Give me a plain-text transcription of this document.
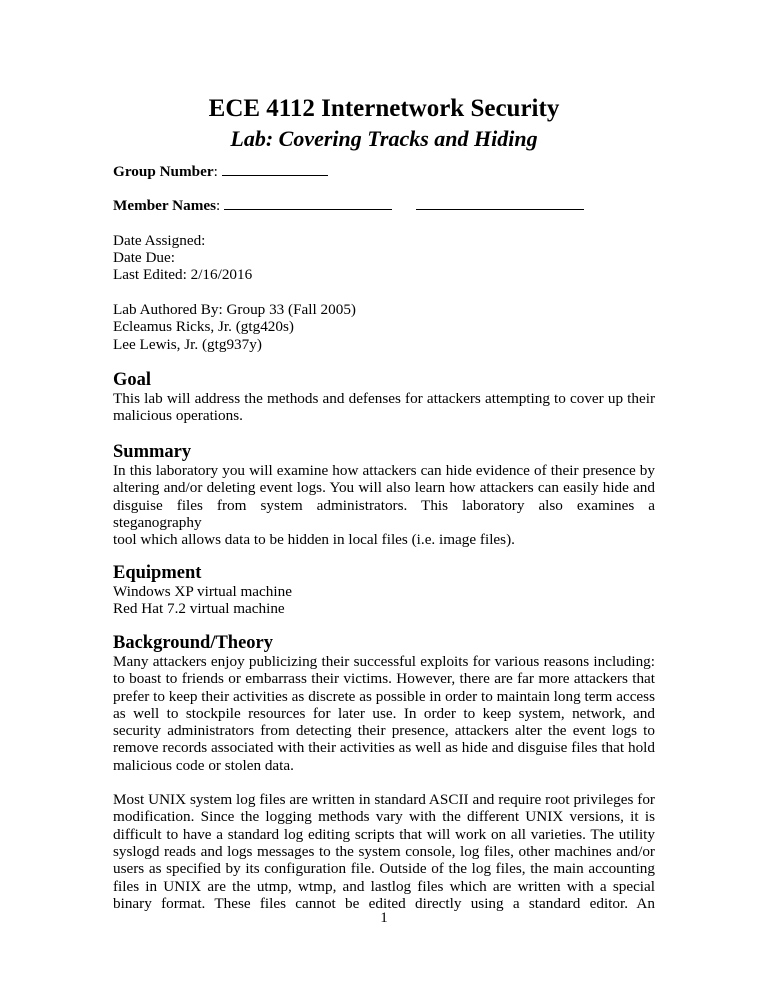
ECE 4112 Internetwork Security
Lab: Covering Tracks and Hiding
Group Number:
Member Names:
Date Assigned:
Date Due:
Last Edited: 2/16/2016
Lab Authored By: Group 33 (Fall 2005)
Ecleamus Ricks, Jr. (gtg420s)
Lee Lewis, Jr. (gtg937y)
Goal
This lab will address the methods and defenses for attackers attempting to cover up their
malicious operations.
Summary
In this laboratory you will examine how attackers can hide evidence of their presence by
altering and/or deleting event logs. You will also learn how attackers can easily hide and
disguise files from system administrators. This laboratory also examines a steganography
tool which allows data to be hidden in local files (i.e. image files).
Equipment
Windows XP virtual machine
Red Hat 7.2 virtual machine
Background/Theory
Many attackers enjoy publicizing their successful exploits for various reasons including:
to boast to friends or embarrass their victims. However, there are far more attackers that
prefer to keep their activities as discrete as possible in order to maintain long term access
as well to stockpile resources for later use. In order to keep system, network, and
security administrators from detecting their presence, attackers alter the event logs to
remove records associated with their activities as well as hide and disguise files that hold
malicious code or stolen data.
Most UNIX system log files are written in standard ASCII and require root privileges for
modification. Since the logging methods vary with the different UNIX versions, it is
difficult to have a standard log editing scripts that will work on all varieties. The utility
syslogd reads and logs messages to the system console, log files, other machines and/or
users as specified by its configuration file. Outside of the log files, the main accounting
files in UNIX are the utmp, wtmp, and lastlog files which are written with a special
binary format. These files cannot be edited directly using a standard editor. An
1
